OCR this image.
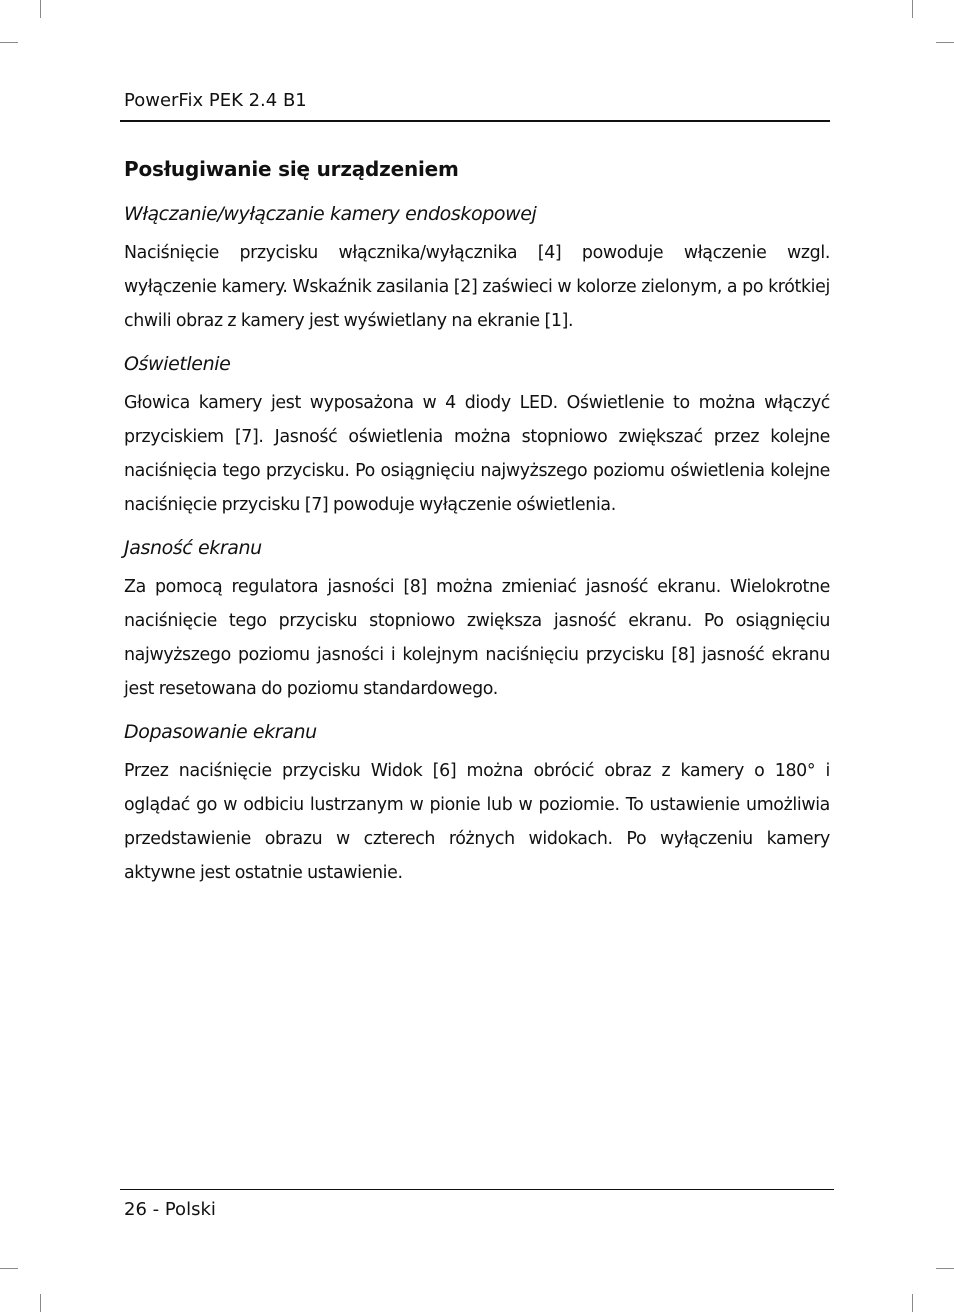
PowerFix PEK 2.4 B1
Posługiwanie się urządzeniem
Włączanie/wyłączanie kamery endoskopowej

Naciśnięcie przycisku włącznika/wyłącznika [4] powoduje włączenie wzgl. wyłączenie kamery. Wskaźnik zasilania [2] zaświeci w kolorze zielonym, a po krótkiej chwili obraz z kamery jest wyświetlany na ekranie [1].

Oświetlenie

Głowica kamery jest wyposażona w 4 diody LED. Oświetlenie to można włączyć przyciskiem [7]. Jasność oświetlenia można stopniowo zwiększać przez kolejne naciśnięcia tego przycisku. Po osiągnięciu najwyższego poziomu oświetlenia kolejne naciśnięcie przycisku [7] powoduje wyłączenie oświetlenia.

Jasność ekranu

Za pomocą regulatora jasności [8] można zmieniać jasność ekranu. Wielokrotne naciśnięcie tego przycisku stopniowo zwiększa jasność ekranu. Po osiągnięciu najwyższego poziomu jasności i kolejnym naciśnięciu przycisku [8] jasność ekranu jest resetowana do poziomu standardowego.

Dopasowanie ekranu

Przez naciśnięcie przycisku Widok [6] można obrócić obraz z kamery o 180° i oglądać go w odbiciu lustrzanym w pionie lub w poziomie. To ustawienie umożliwia przedstawienie obrazu w czterech różnych widokach. Po wyłączeniu kamery aktywne jest ostatnie ustawienie.

26 - Polski
